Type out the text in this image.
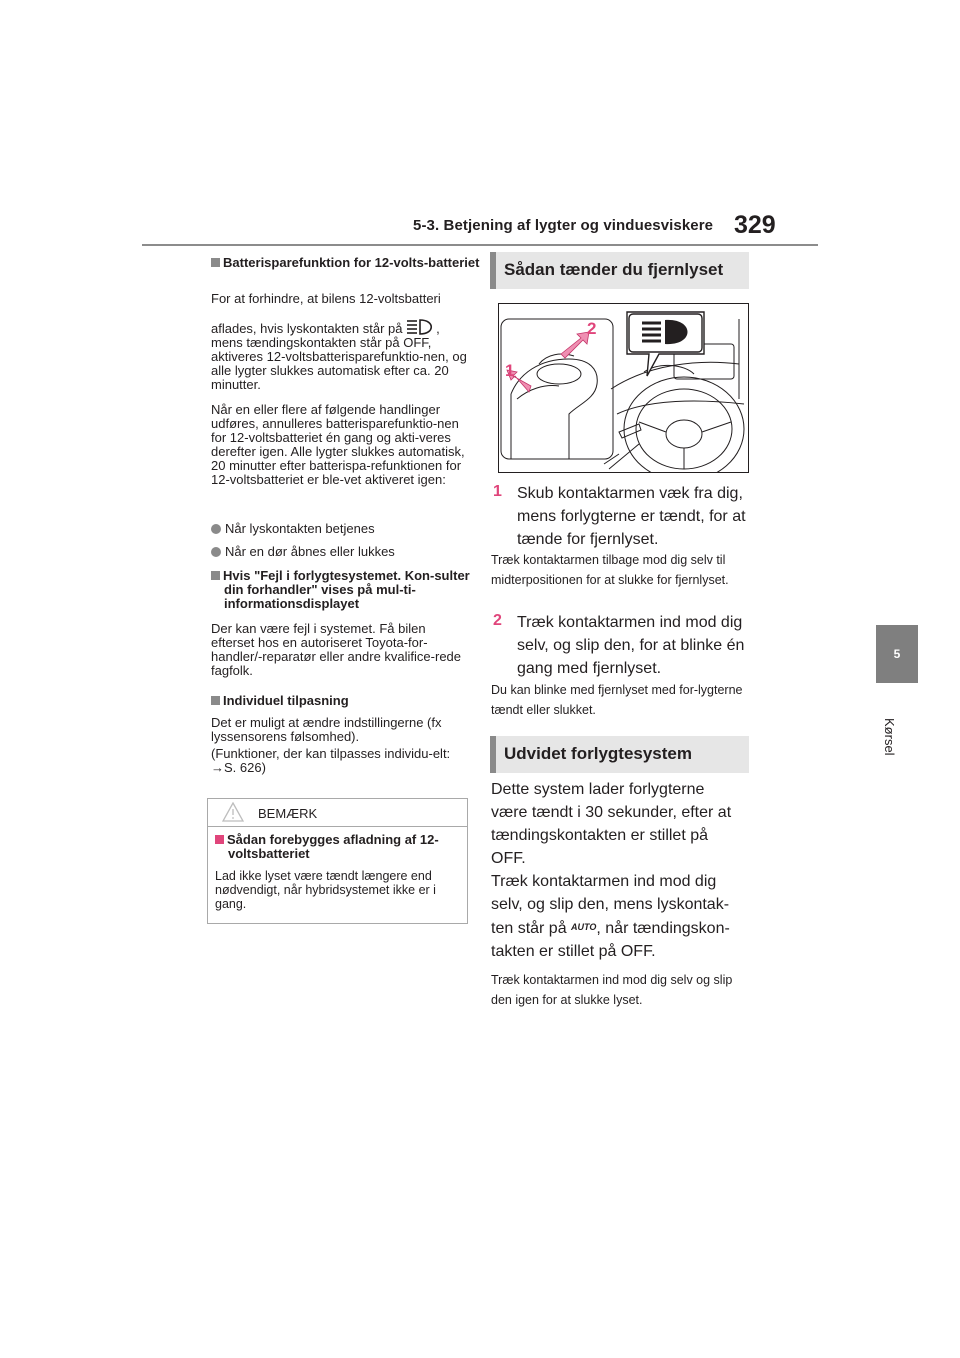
5-3. Betjening af lygter og vinduesviskere 329
5
Kørsel
Batterisparefunktion for 12-volts-batteriet
For at forhindre, at bilens 12-voltsbatteri
aflades, hvis lyskontakten står på , mens tændingskontakten står på OFF, aktiveres 12-voltsbatterisparefunktio-nen, og alle lygter slukkes automatisk efter ca. 20 minutter.
Når en eller flere af følgende handlinger udføres, annulleres batterisparefunktio-nen for 12-voltsbatteriet én gang og akti-veres derefter igen. Alle lygter slukkes automatisk, 20 minutter efter batterispa-refunktionen for 12-voltsbatteriet er ble-vet aktiveret igen:
Når lyskontakten betjenes
Når en dør åbnes eller lukkes
Hvis "Fejl i forlygtesystemet. Kon-sulter din forhandler" vises på mul-ti-informationsdisplayet
Der kan være fejl i systemet. Få bilen efterset hos en autoriseret Toyota-for-handler/-reparatør eller andre kvalifice-rede fagfolk.
Individuel tilpasning
Det er muligt at ændre indstillingerne (fx lyssensorens følsomhed).
(Funktioner, der kan tilpasses individu-elt: →S. 626)
BEMÆRK
Sådan forebygges afladning af 12-voltsbatteriet
Lad ikke lyset være tændt længere end nødvendigt, når hybridsystemet ikke er i gang.
Sådan tænder du fjernlyset
1
2
1 Skub kontaktarmen væk fra dig, mens forlygterne er tændt, for at tænde for fjernlyset.
Træk kontaktarmen tilbage mod dig selv til midterpositionen for at slukke for fjernlyset.
2 Træk kontaktarmen ind mod dig selv, og slip den, for at blinke én gang med fjernlyset.
Du kan blinke med fjernlyset med for-lygterne tændt eller slukket.
Udvidet forlygtesystem
Dette system lader forlygterne være tændt i 30 sekunder, efter at tændingskontakten er stillet på OFF.
Træk kontaktarmen ind mod dig selv, og slip den, mens lyskontak-ten står på AUTO, når tændingskon-takten er stillet på OFF.
Træk kontaktarmen ind mod dig selv og slip den igen for at slukke lyset.
